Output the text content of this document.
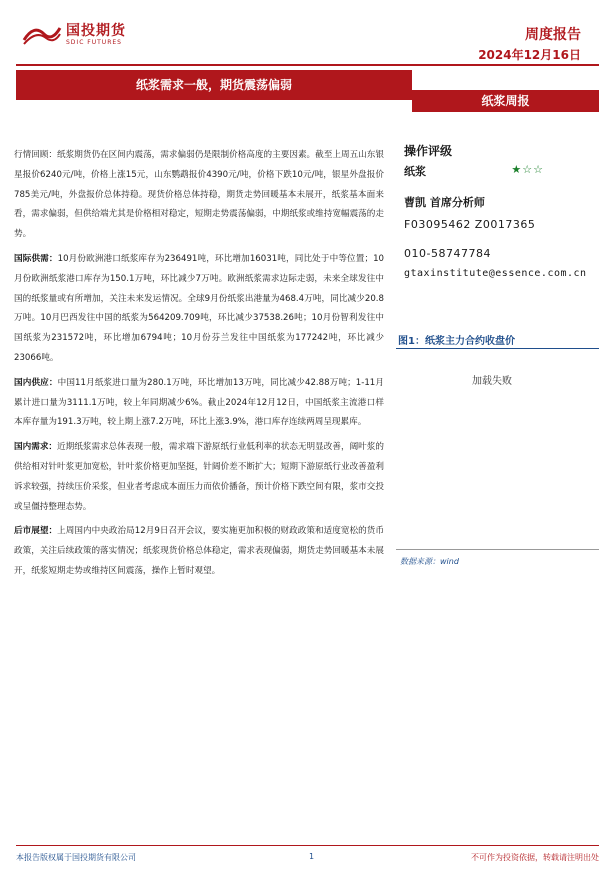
国投期货
SDIC FUTURES	周度报告
2024年12月16日
纸浆需求一般，期货震荡偏弱
纸浆周报

行情回顾：纸浆期货仍在区间内震荡，需求偏弱仍是限制价格高度的主要因素。截至上周五山东银星报价6240元/吨，价格上涨15元，山东鹦鹉报价4390元/吨，价格下跌10元/吨，银星外盘报价785美元/吨，外盘报价总体持稳。现货价格总体持稳，期货走势回暖基本未展开，纸浆基本面来看，需求偏弱，但供给端尤其是价格相对稳定，短期走势震荡偏弱，中期纸浆或维持宽幅震荡的走势。

国际供需：10月份欧洲港口纸浆库存为236491吨，环比增加16031吨，同比处于中等位置；10月份欧洲纸浆港口库存为150.1万吨，环比减少7万吨。欧洲纸浆需求边际走弱，未来全球发往中国的纸浆量或有所增加，关注未来发运情况。全球9月份纸浆出港量为468.4万吨，同比减少20.8万吨。10月巴西发往中国的纸浆为564209.709吨，环比减少37538.26吨；10月份智利发往中国纸浆为231572吨，环比增加6794吨；10月份芬兰发往中国纸浆为177242吨，环比减少23066吨。

国内供应：中国11月纸浆进口量为280.1万吨，环比增加13万吨，同比减少42.88万吨；1-11月累计进口量为3111.1万吨，较上年同期减少6%。截止2024年12月12日，中国纸浆主流港口样本库存量为191.3万吨，较上期上涨7.2万吨，环比上涨3.9%，港口库存连续两周呈现累库。

国内需求：近期纸浆需求总体表现一般，需求端下游原纸行业低利率的状态无明显改善，阔叶浆的供给相对针叶浆更加宽松，针叶浆价格更加坚挺，针阔价差不断扩大；短期下游原纸行业改善盈利诉求较强，持续压价采浆，但业者考虑成本面压力而依价播备，预计价格下跌空间有限，浆市交投或呈僵持整理态势。

后市展望：上周国内中央政治局12月9日召开会议，要实施更加积极的财政政策和适度宽松的货币政策，关注后续政策的落实情况；纸浆现货价格总体稳定，需求表现偏弱，期货走势回暖基本未展开，纸浆短期走势或维持区间震荡，操作上暂时观望。

操作评级
纸浆	★☆☆
曹凯 首席分析师
F03095462 Z0017365
010-58747784
gtaxinstitute@essence.com.cn
图1：纸浆主力合约收盘价
加载失败
数据来源：wind
本报告版权属于国投期货有限公司	1	不可作为投资依据，转载请注明出处
